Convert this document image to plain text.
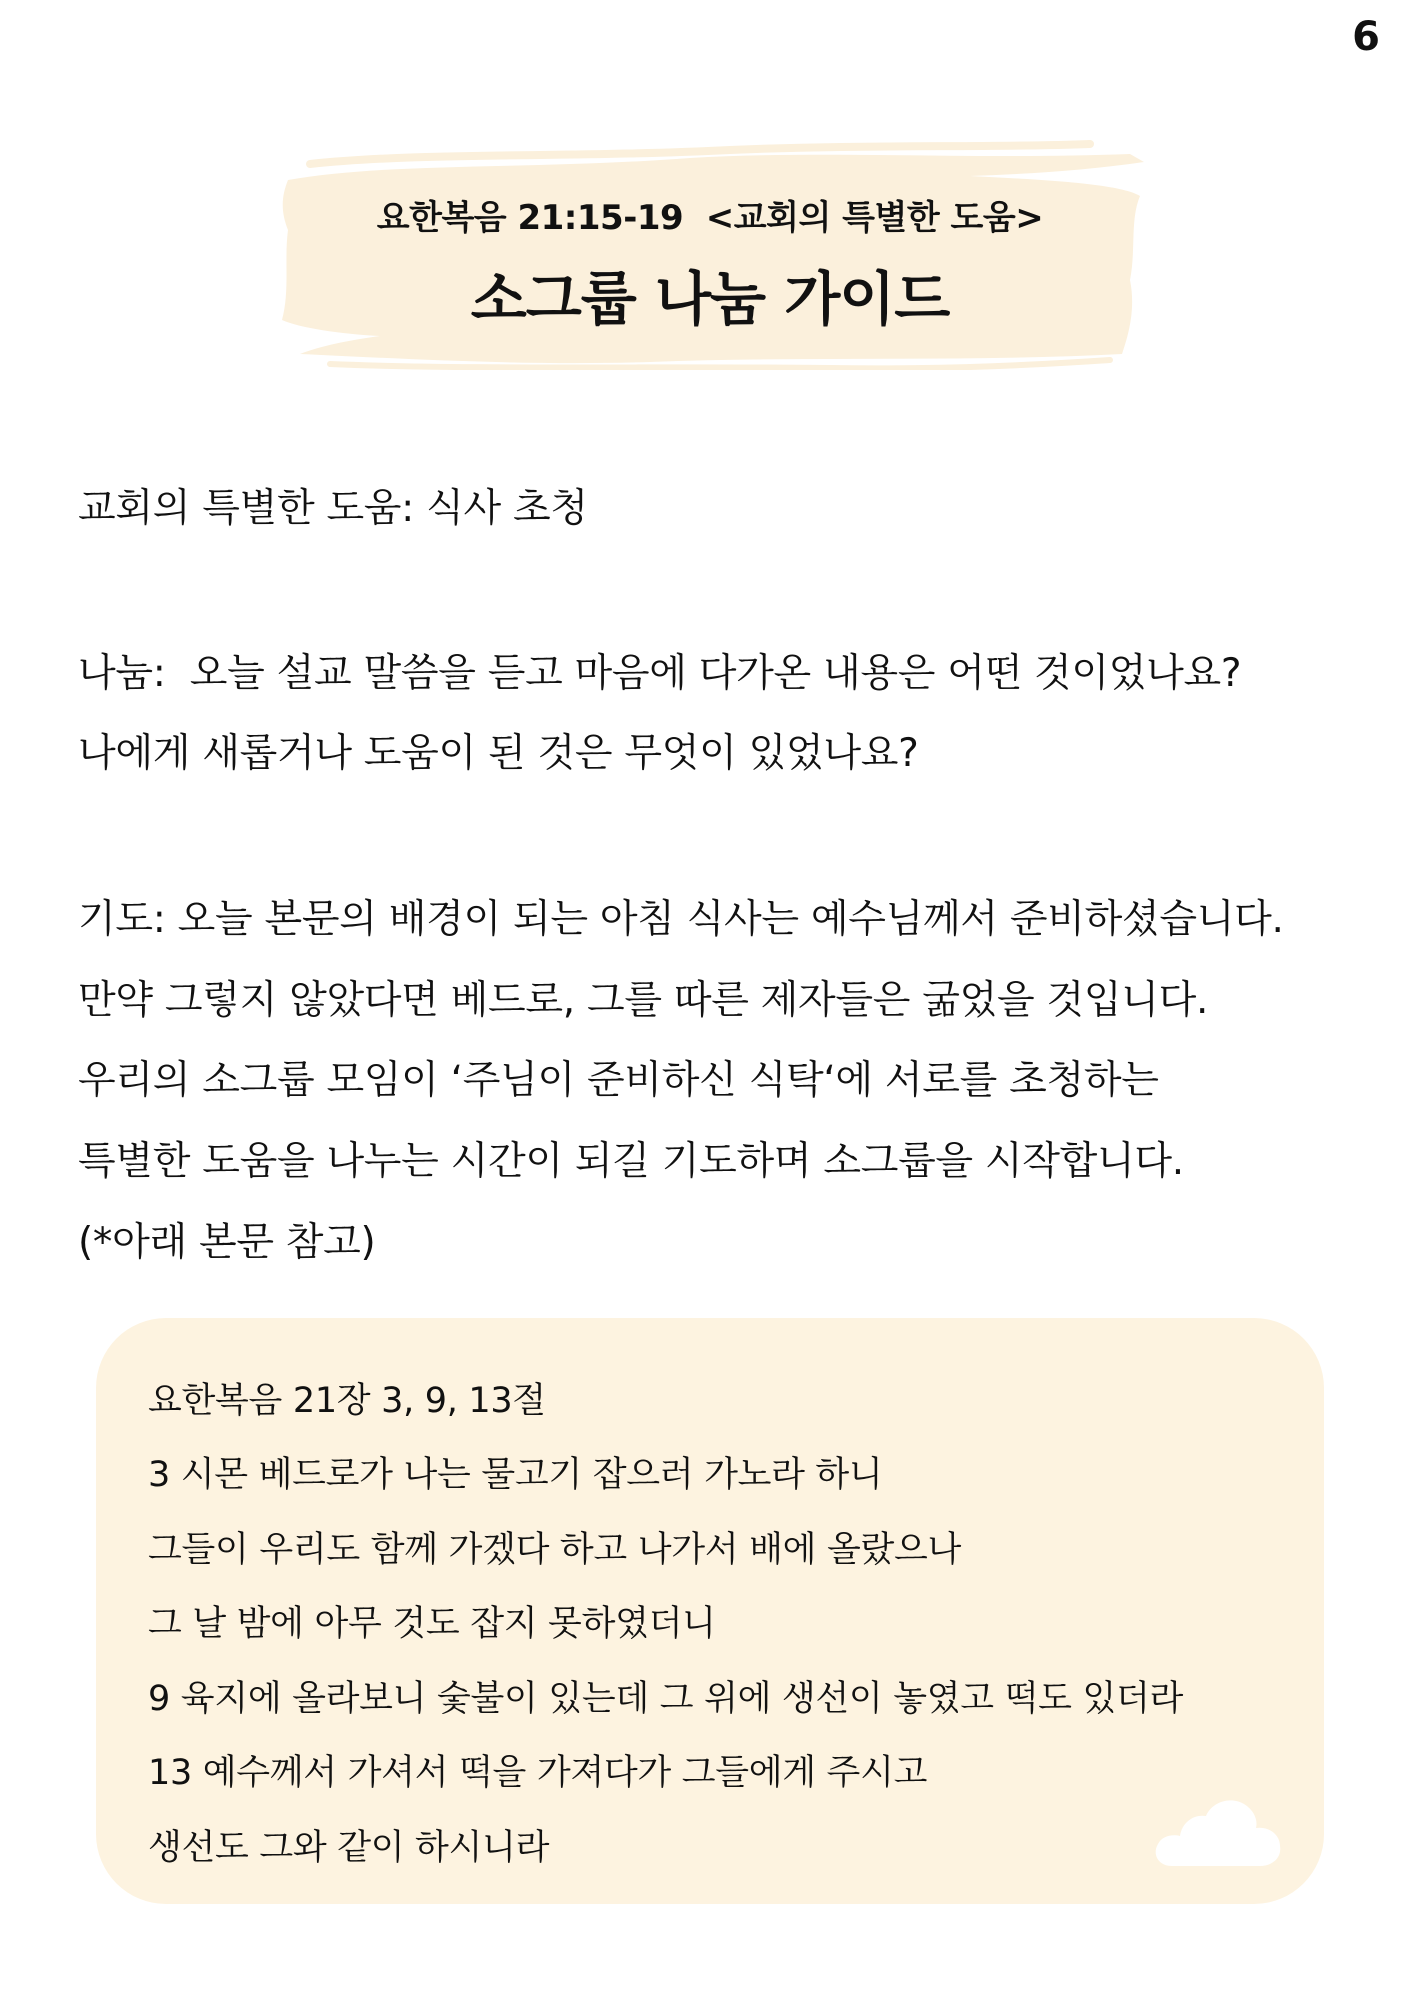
6
요한복음 21:15-19  <교회의 특별한 도움>
소그룹 나눔 가이드
교회의 특별한 도움: 식사 초청
나눔:  오늘 설교 말씀을 듣고 마음에 다가온 내용은 어떤 것이었나요?
나에게 새롭거나 도움이 된 것은 무엇이 있었나요?
기도: 오늘 본문의 배경이 되는 아침 식사는 예수님께서 준비하셨습니다.
만약 그렇지 않았다면 베드로, 그를 따른 제자들은 굶었을 것입니다.
우리의 소그룹 모임이 ‘주님이 준비하신 식탁‘에 서로를 초청하는
특별한 도움을 나누는 시간이 되길 기도하며 소그룹을 시작합니다.
(*아래 본문 참고)
요한복음 21장 3, 9, 13절
3 시몬 베드로가 나는 물고기 잡으러 가노라 하니
그들이 우리도 함께 가겠다 하고 나가서 배에 올랐으나
그 날 밤에 아무 것도 잡지 못하였더니
9 육지에 올라보니 숯불이 있는데 그 위에 생선이 놓였고 떡도 있더라
13 예수께서 가셔서 떡을 가져다가 그들에게 주시고
생선도 그와 같이 하시니라
